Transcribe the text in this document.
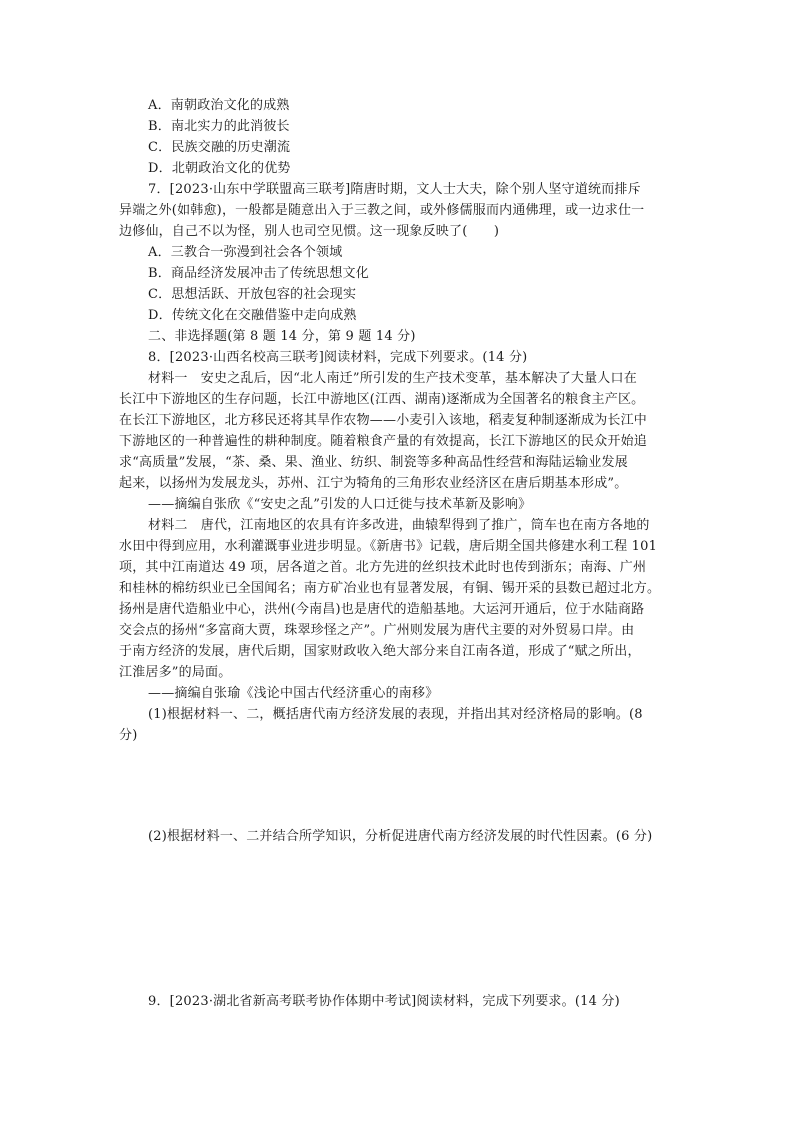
A．南朝政治文化的成熟
B．南北实力的此消彼长
C．民族交融的历史潮流
D．北朝政治文化的优势
7．[2023·山东中学联盟高三联考]隋唐时期，文人士大夫，除个别人坚守道统而排斥
异端之外(如韩愈)，一般都是随意出入于三教之间，或外修儒服而内通佛理，或一边求仕一
边修仙，自己不以为怪，别人也司空见惯。这一现象反映了(　　)
A．三教合一弥漫到社会各个领域
B．商品经济发展冲击了传统思想文化
C．思想活跃、开放包容的社会现实
D．传统文化在交融借鉴中走向成熟
二、非选择题(第 8 题 14 分，第 9 题 14 分)
8．[2023·山西名校高三联考]阅读材料，完成下列要求。(14 分)
材料一　安史之乱后，因“北人南迁”所引发的生产技术变革，基本解决了大量人口在
长江中下游地区的生存问题，长江中游地区(江西、湖南)逐渐成为全国著名的粮食主产区。
在长江下游地区，北方移民还将其旱作农物——小麦引入该地，稻麦复种制逐渐成为长江中
下游地区的一种普遍性的耕种制度。随着粮食产量的有效提高，长江下游地区的民众开始追
求“高质量”发展，“茶、桑、果、渔业、纺织、制瓷等多种高品性经营和海陆运输业发展
起来，以扬州为发展龙头，苏州、江宁为犄角的三角形农业经济区在唐后期基本形成”。
——摘编自张欣《“安史之乱”引发的人口迁徙与技术革新及影响》
材料二　唐代，江南地区的农具有许多改进，曲辕犁得到了推广，筒车也在南方各地的
水田中得到应用，水利灌溉事业进步明显。《新唐书》记载，唐后期全国共修建水利工程 101
项，其中江南道达 49 项，居各道之首。北方先进的丝织技术此时也传到浙东；南海、广州
和桂林的棉纺织业已全国闻名；南方矿冶业也有显著发展，有铜、锡开采的县数已超过北方。
扬州是唐代造船业中心，洪州(今南昌)也是唐代的造船基地。大运河开通后，位于水陆商路
交会点的扬州“多富商大贾，珠翠珍怪之产”。广州则发展为唐代主要的对外贸易口岸。由
于南方经济的发展，唐代后期，国家财政收入绝大部分来自江南各道，形成了“赋之所出，
江淮居多”的局面。
——摘编自张瑜《浅论中国古代经济重心的南移》
(1)根据材料一、二，概括唐代南方经济发展的表现，并指出其对经济格局的影响。(8
分)
(2)根据材料一、二并结合所学知识，分析促进唐代南方经济发展的时代性因素。(6 分)
9．[2023·湖北省新高考联考协作体期中考试]阅读材料，完成下列要求。(14 分)
